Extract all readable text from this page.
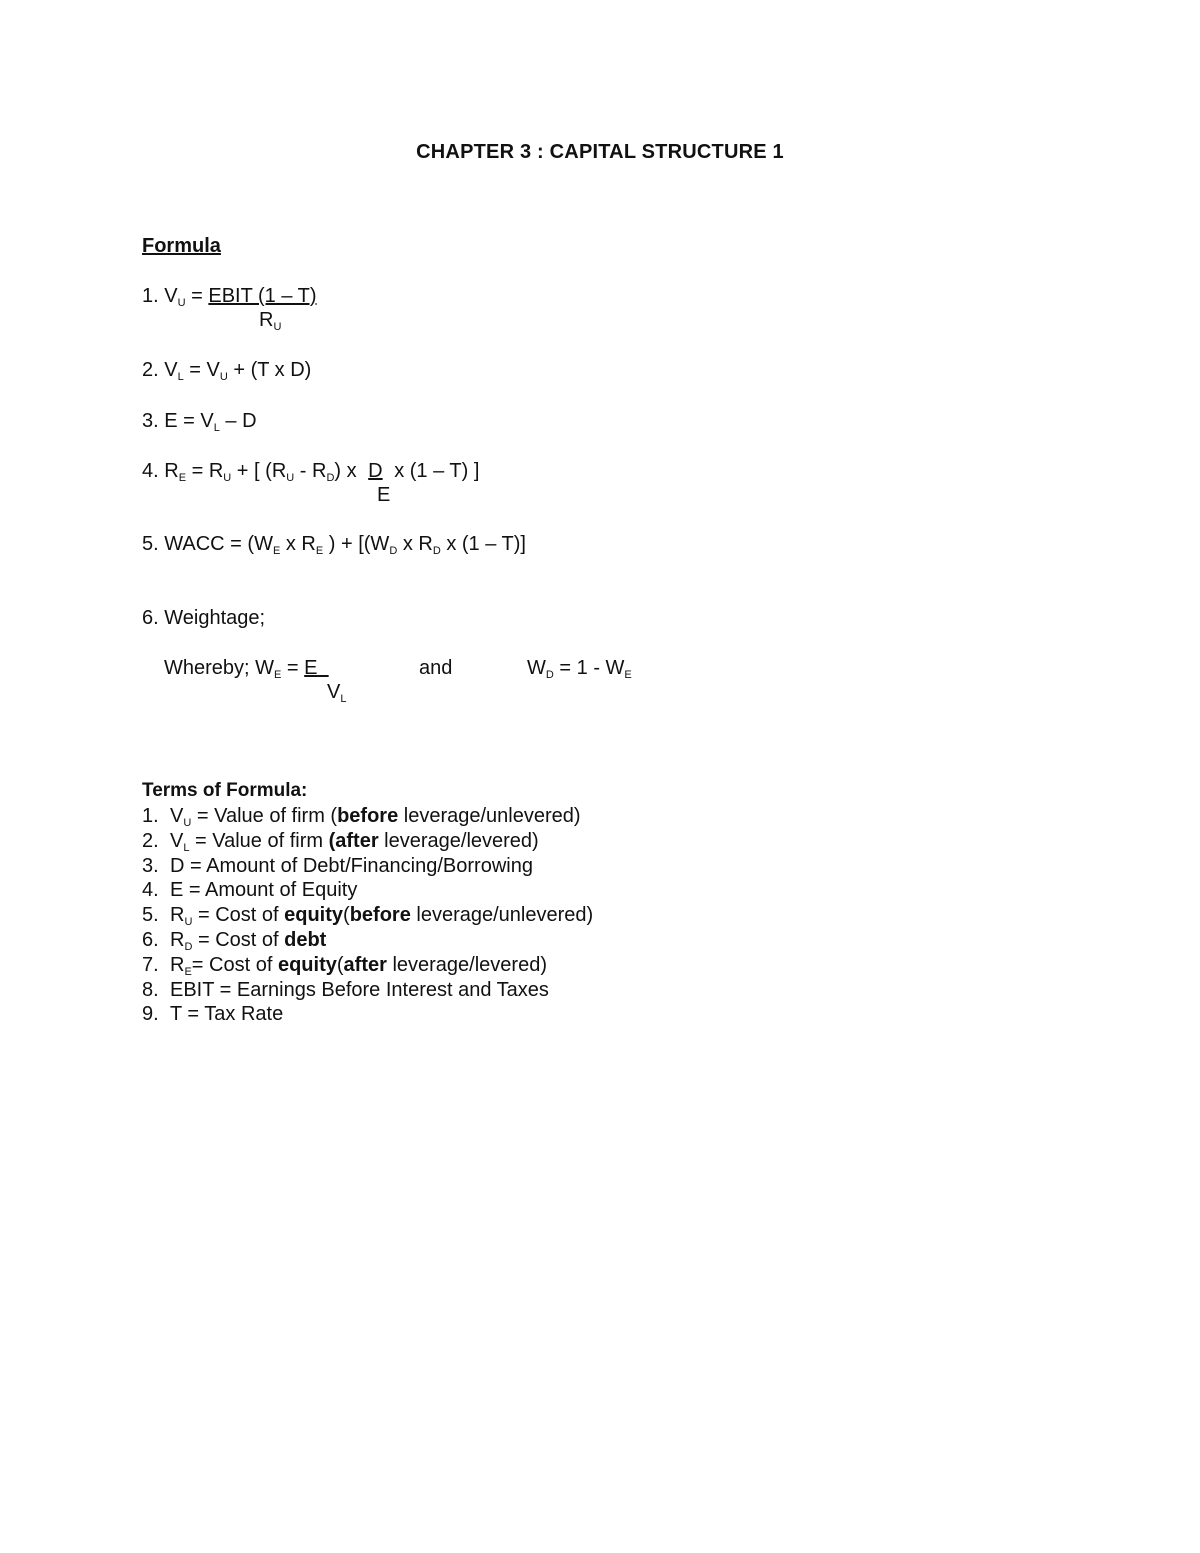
CHAPTER 3 : CAPITAL STRUCTURE 1
Formula
1. $V_U$ = EBIT (1 – T)
$R_U$
2. $V_L = V_U + (T$ x D)
3. $E = V_L - D$
4. $R_E = R_U$ + [ $(R_U - R_D)$ x D x (1 – T) ]
E
5. WACC = ($W_E$ x $R_E$ ) + [($W_D$ x $R_D$ x (1 – T)]
6. Weightage;
Whereby; $W_E = E$
$V_L$
and	$W_D = 1 - W_E$
Terms of Formula:
1. $V_U$ = Value of firm (before leverage/unlevered)
2. $V_L$ = Value of firm (after leverage/levered)
3. D = Amount of Debt/Financing/Borrowing
4. E = Amount of Equity
5. $R_U$ = Cost of equity(before leverage/unlevered)
6. $R_D$ = Cost of debt
7. $R_E=$ Cost of equity(after leverage/levered)
8. EBIT = Earnings Before Interest and Taxes
9. T = Tax Rate
